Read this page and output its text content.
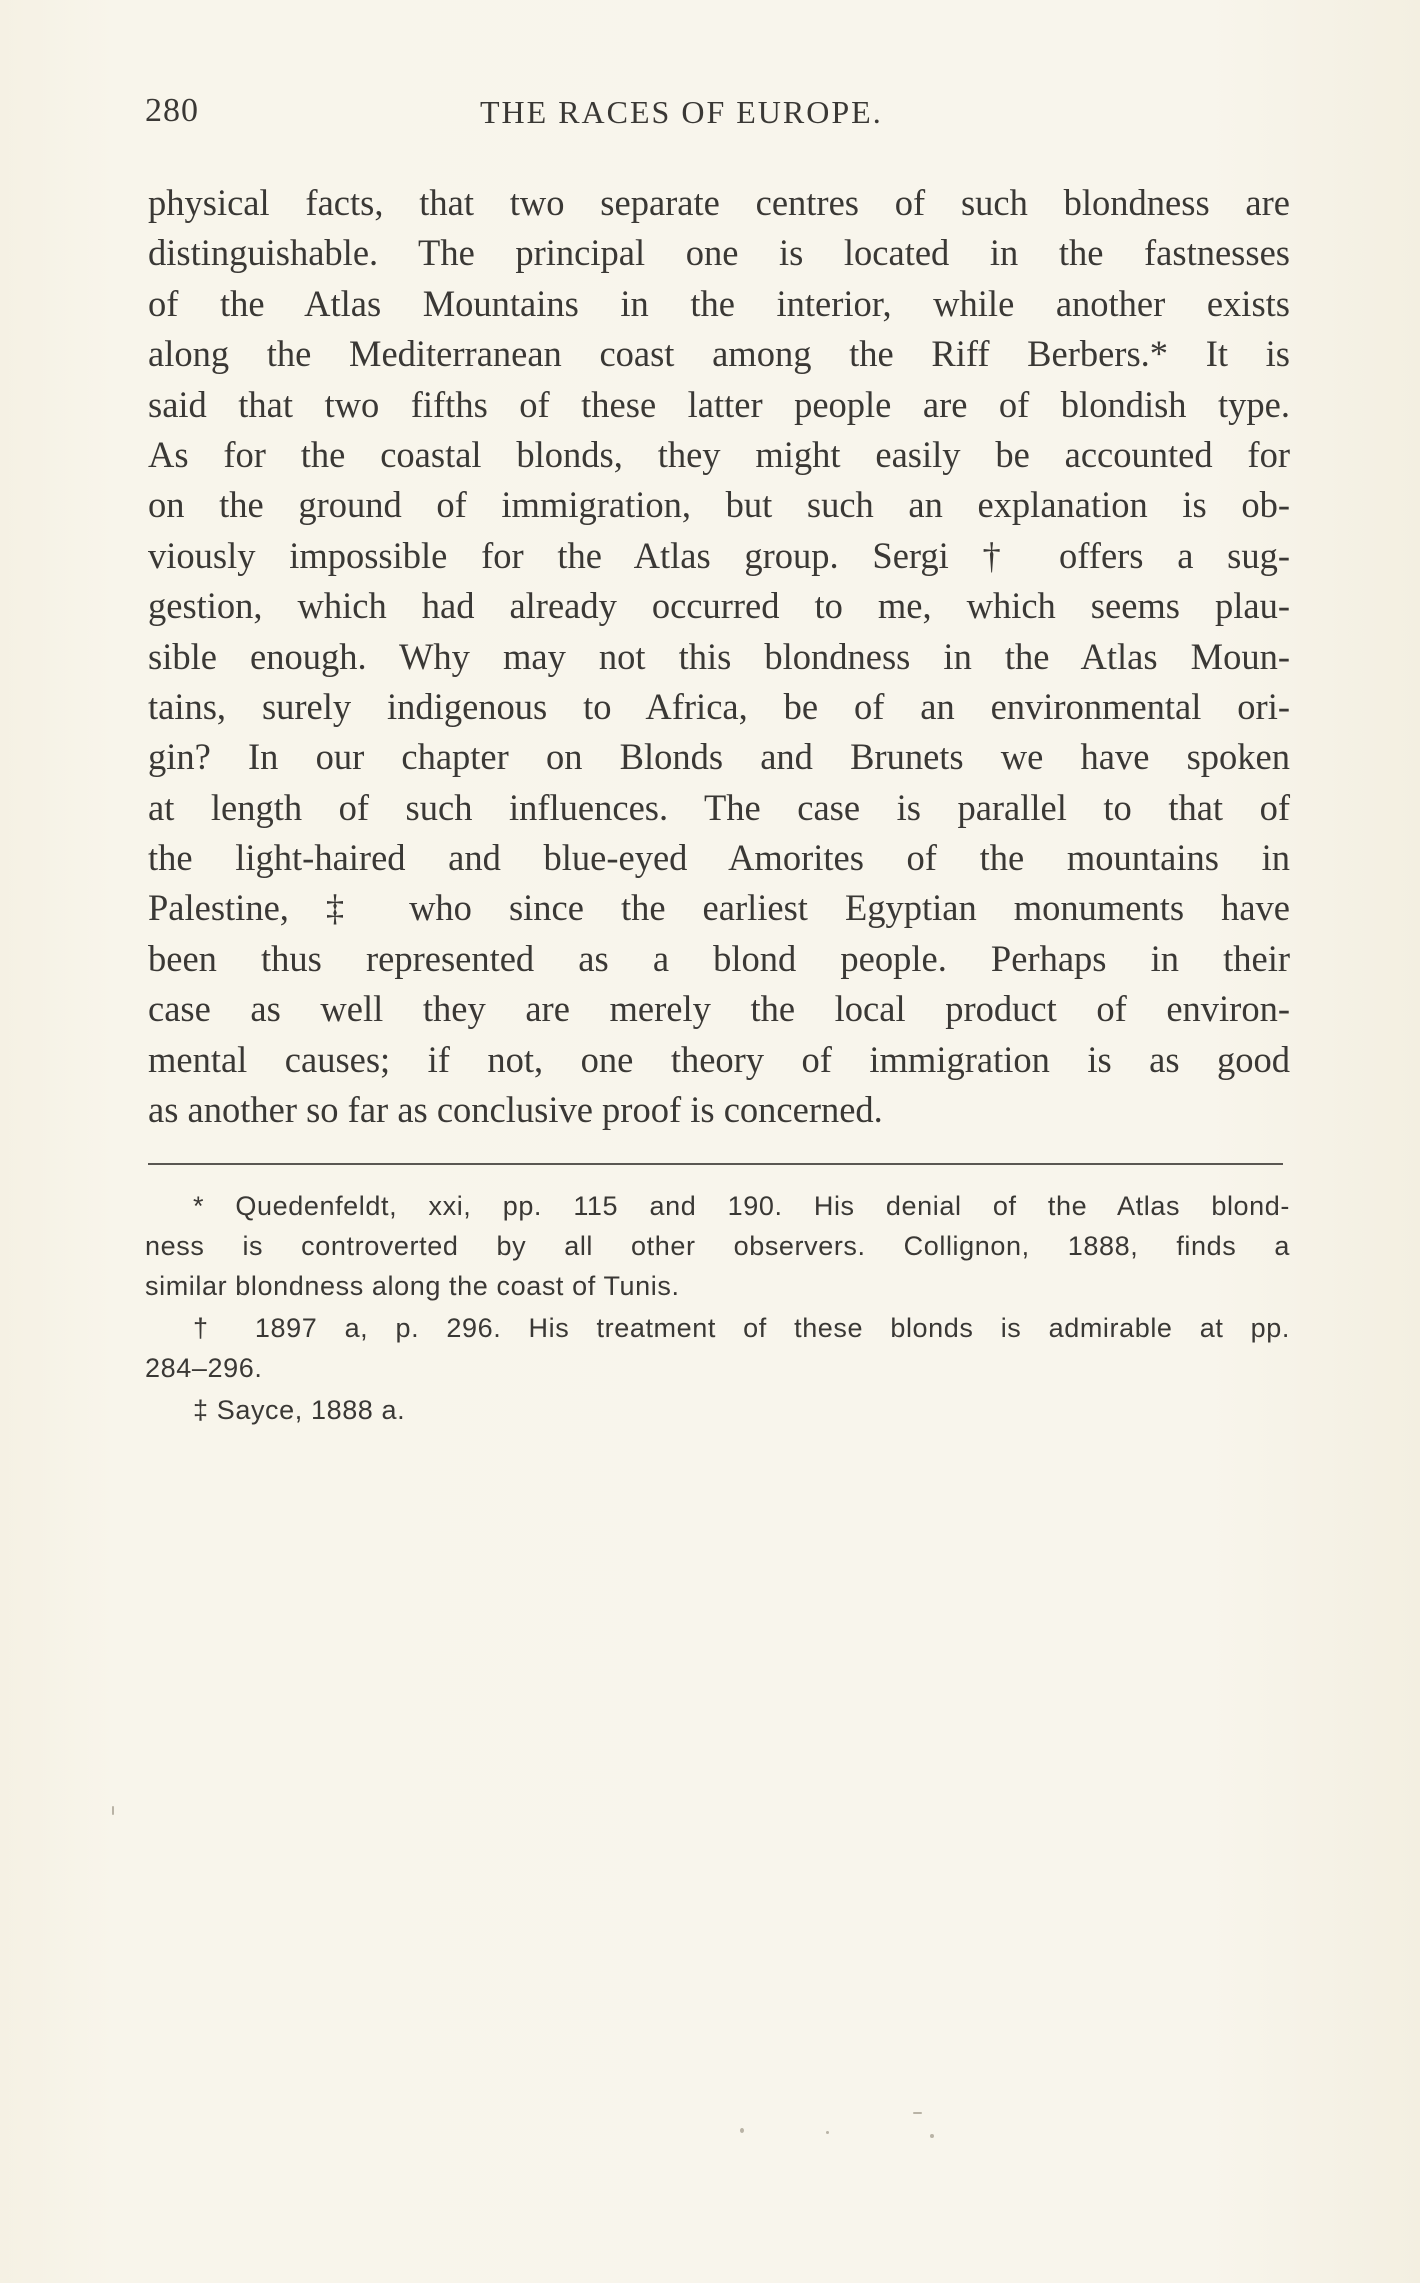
280	THE RACES OF EUROPE.
physical facts, that two separate centres of such blondness are
distinguishable. The principal one is located in the fastnesses
of the Atlas Mountains in the interior, while another exists
along the Mediterranean coast among the Riff Berbers.* It is
said that two fifths of these latter people are of blondish type.
As for the coastal blonds, they might easily be accounted for
on the ground of immigration, but such an explanation is ob-
viously impossible for the Atlas group. Sergi † offers a sug-
gestion, which had already occurred to me, which seems plau-
sible enough. Why may not this blondness in the Atlas Moun-
tains, surely indigenous to Africa, be of an environmental ori-
gin? In our chapter on Blonds and Brunets we have spoken
at length of such influences. The case is parallel to that of
the light-haired and blue-eyed Amorites of the mountains in
Palestine, ‡ who since the earliest Egyptian monuments have
been thus represented as a blond people. Perhaps in their
case as well they are merely the local product of environ-
mental causes; if not, one theory of immigration is as good
as another so far as conclusive proof is concerned.
* Quedenfeldt, xxi, pp. 115 and 190. His denial of the Atlas blond-
ness is controverted by all other observers. Collignon, 1888, finds a
similar blondness along the coast of Tunis.
† 1897 a, p. 296. His treatment of these blonds is admirable at pp.
284–296.
‡ Sayce, 1888 a.
